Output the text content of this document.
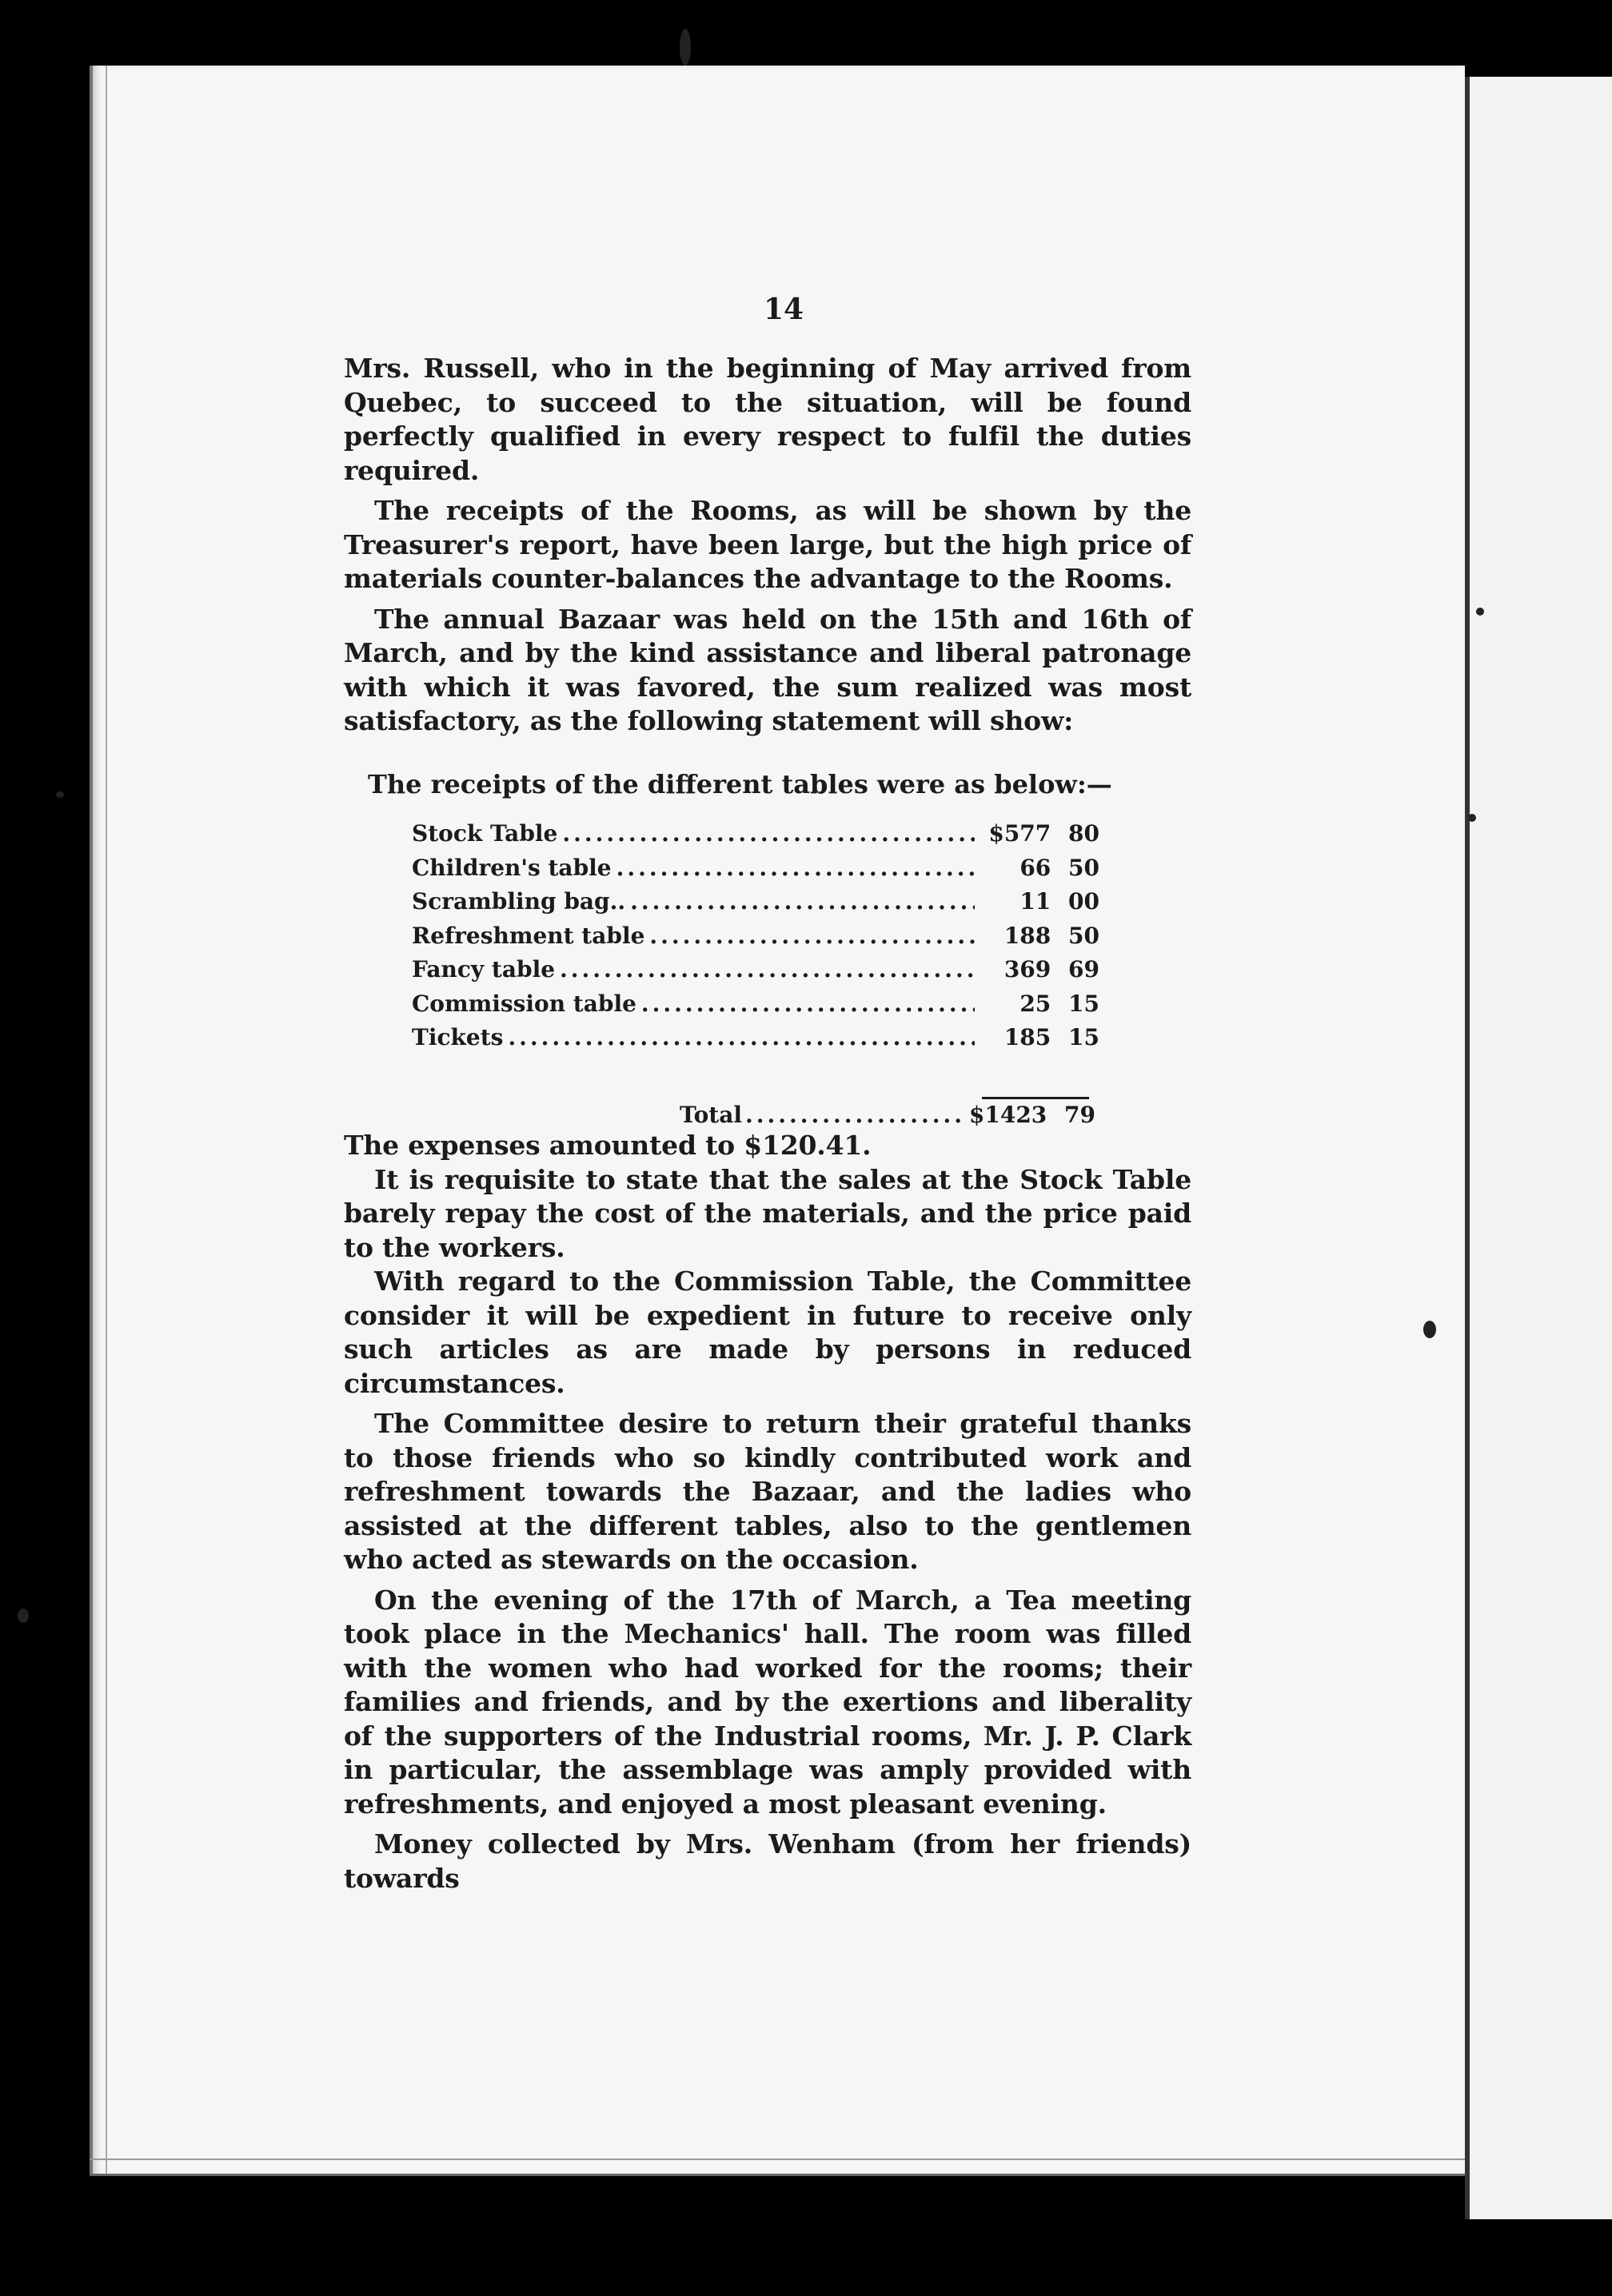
14

Mrs. Russell, who in the beginning of May arrived from Quebec, to succeed to the situation, will be found perfectly qualified in every respect to fulfil the duties required.

The receipts of the Rooms, as will be shown by the Treasurer's report, have been large, but the high price of materials counter-balances the advantage to the Rooms.

The annual Bazaar was held on the 15th and 16th of March, and by the kind assistance and liberal patronage with which it was favored, the sum realized was most satisfactory, as the following statement will show:

The receipts of the different tables were as below:—
Stock Table .....	$577 80
Children's table .....	66 50
Scrambling bag.. .....	11 00
Refreshment table .....	188 50
Fancy table .....	369 69
Commission table .....	25 15
Tickets .....	185 15
Total .....	$1423 79

The expenses amounted to $120.41.

It is requisite to state that the sales at the Stock Table barely repay the cost of the materials, and the price paid to the workers.

With regard to the Commission Table, the Committee consider it will be expedient in future to receive only such articles as are made by persons in reduced circumstances.

The Committee desire to return their grateful thanks to those friends who so kindly contributed work and refreshment towards the Bazaar, and the ladies who assisted at the different tables, also to the gentlemen who acted as stewards on the occasion.

On the evening of the 17th of March, a Tea meeting took place in the Mechanics' hall. The room was filled with the women who had worked for the rooms; their families and friends, and by the exertions and liberality of the supporters of the Industrial rooms, Mr. J. P. Clark in particular, the assemblage was amply provided with refreshments, and enjoyed a most pleasant evening.

Money collected by Mrs. Wenham (from her friends) towards
